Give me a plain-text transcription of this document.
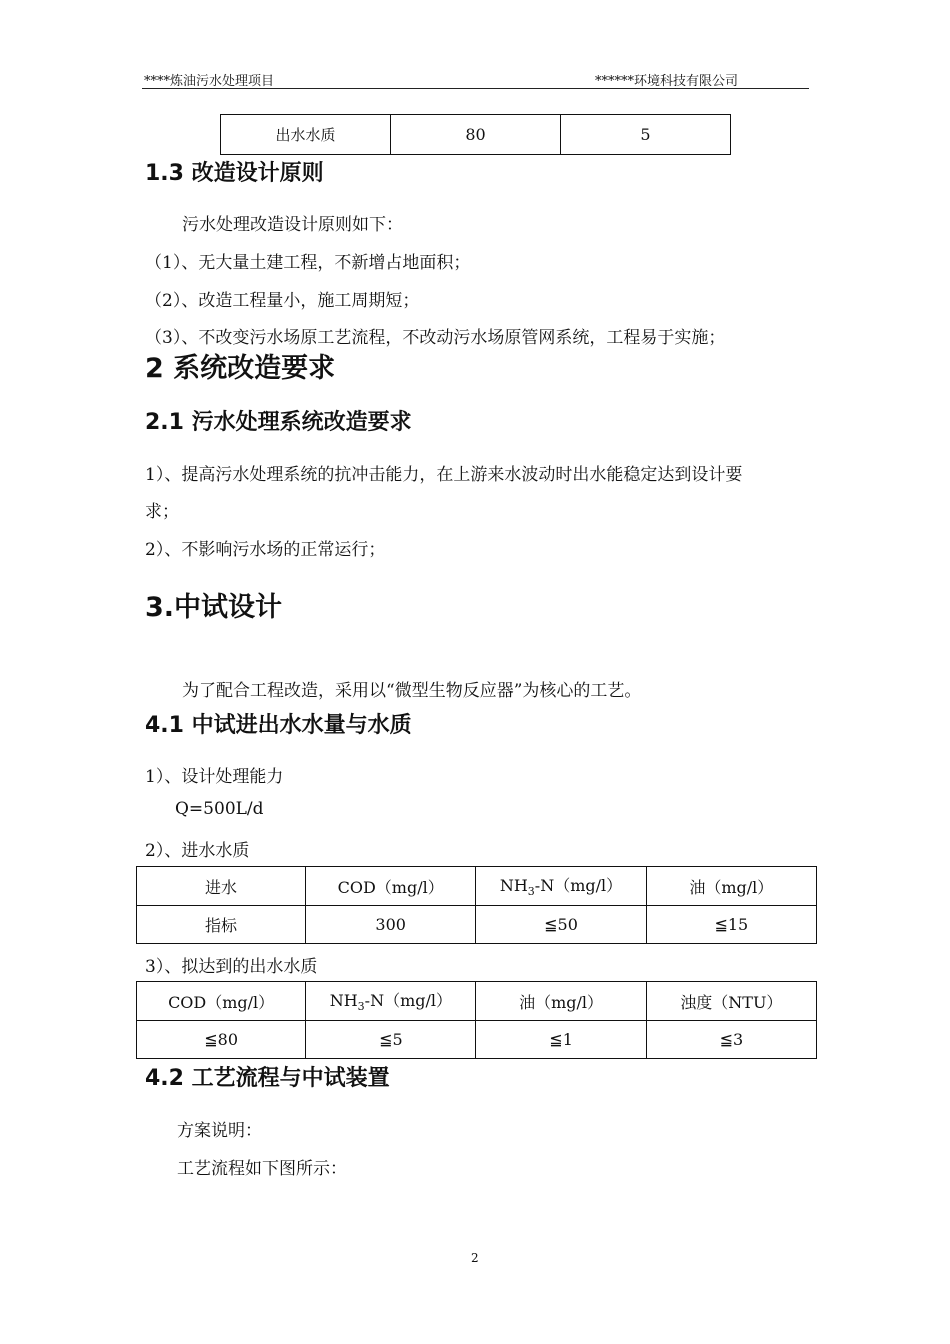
****炼油污水处理项目	******环境科技有限公司
出水水质	80	5
1.3 改造设计原则
污水处理改造设计原则如下：
（1）、无大量土建工程，不新增占地面积；
（2）、改造工程量小，施工周期短；
（3）、不改变污水场原工艺流程，不改动污水场原管网系统，工程易于实施；
2 系统改造要求
2.1 污水处理系统改造要求
1）、提高污水处理系统的抗冲击能力，在上游来水波动时出水能稳定达到设计要
求；
2）、不影响污水场的正常运行；
3.中试设计
为了配合工程改造，采用以“微型生物反应器”为核心的工艺。
4.1 中试进出水水量与水质
1）、设计处理能力
Q=500L/d
2）、进水水质
进水	COD（mg/l）	$NH_3-N(mg/l)$	油（mg/l）
指标	300	≦50	≦15
3）、拟达到的出水水质
COD（mg/l）	$NH_3-N(mg/l)$	油（mg/l）	浊度（NTU）
≦80	≦5	≦1	≦3
4.2 工艺流程与中试装置
方案说明：
工艺流程如下图所示：
2
